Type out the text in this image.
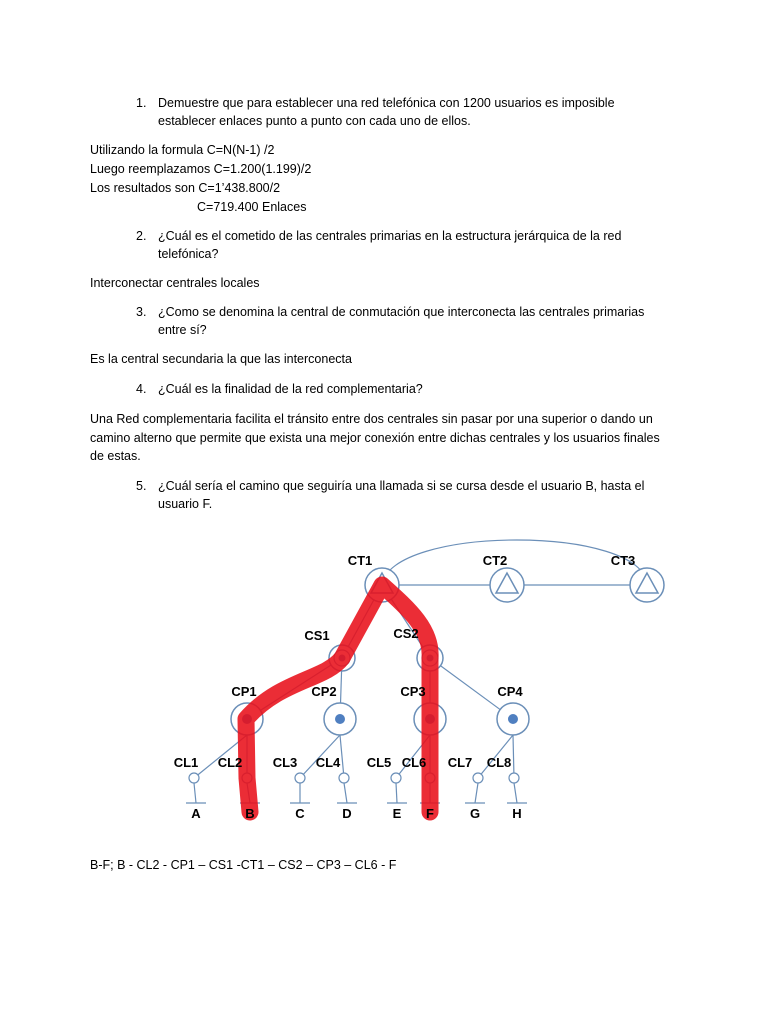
1. Demuestre que para establecer una red telefónica con 1200 usuarios es imposible
establecer enlaces punto a punto con cada uno de ellos.
Utilizando la formula C=N(N-1) /2
Luego reemplazamos C=1.200(1.199)/2
Los resultados son C=1’438.800/2
C=719.400 Enlaces
2. ¿Cuál es el cometido de las centrales primarias en la estructura jerárquica de la red
telefónica?
Interconectar centrales locales
3. ¿Como se denomina la central de conmutación que interconecta las centrales primarias
entre sí?
Es la central secundaria la que las interconecta
4. ¿Cuál es la finalidad de la red complementaria?
Una Red complementaria facilita el tránsito entre dos centrales sin pasar por una superior o dando un
camino alterno que permite que exista una mejor conexión entre dichas centrales y los usuarios finales
de estas.
5. ¿Cuál sería el camino que seguiría una llamada si se cursa desde el usuario B, hasta el
usuario F.
CT1	CT2	CT3
CS1	CS2
CP1	CP2	CP3	CP4
CL1 CL2 CL3 CL4 CL5 CL6 CL7 CL8
A	B	C	D	E F	G H
B-F; B - CL2 - CP1 – CS1 -CT1 – CS2 – CP3 – CL6 - F
